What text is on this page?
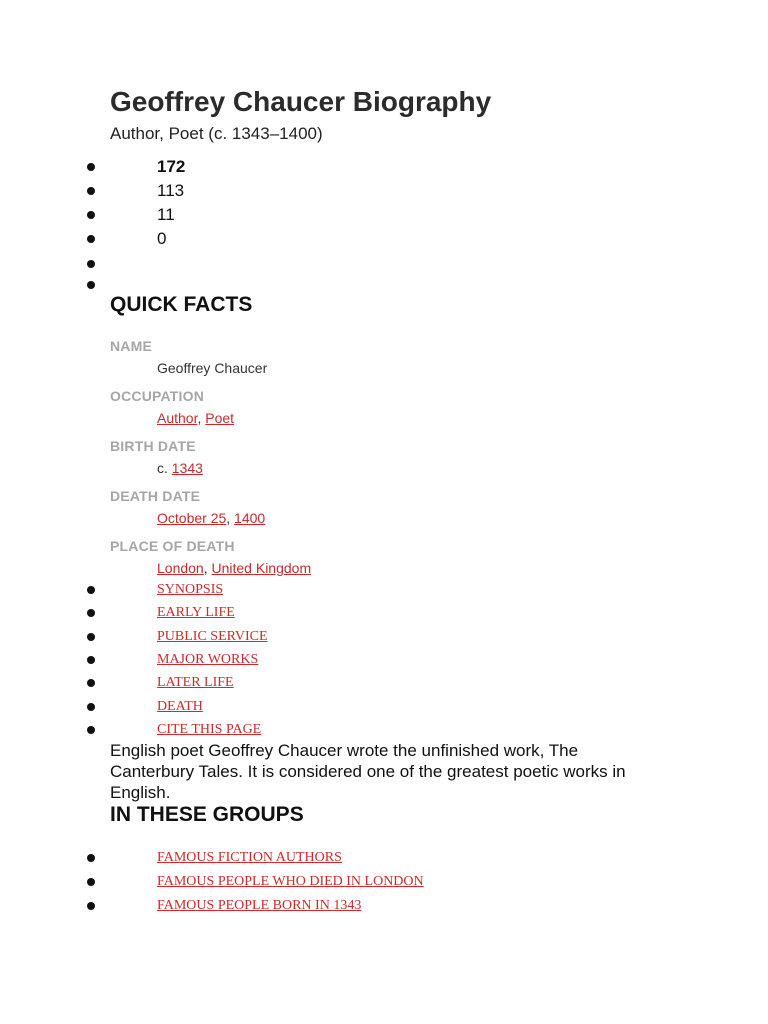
Geoffrey Chaucer Biography
Author, Poet (c. 1343–1400)
172
113
11
0
QUICK FACTS
NAME
Geoffrey Chaucer
OCCUPATION
Author, Poet
BIRTH DATE
c. 1343
DEATH DATE
October 25, 1400
PLACE OF DEATH
London, United Kingdom
SYNOPSIS
EARLY LIFE
PUBLIC SERVICE
MAJOR WORKS
LATER LIFE
DEATH
CITE THIS PAGE

English poet Geoffrey Chaucer wrote the unfinished work, The Canterbury Tales. It is considered one of the greatest poetic works in English.

IN THESE GROUPS
FAMOUS FICTION AUTHORS
FAMOUS PEOPLE WHO DIED IN LONDON
FAMOUS PEOPLE BORN IN 1343
